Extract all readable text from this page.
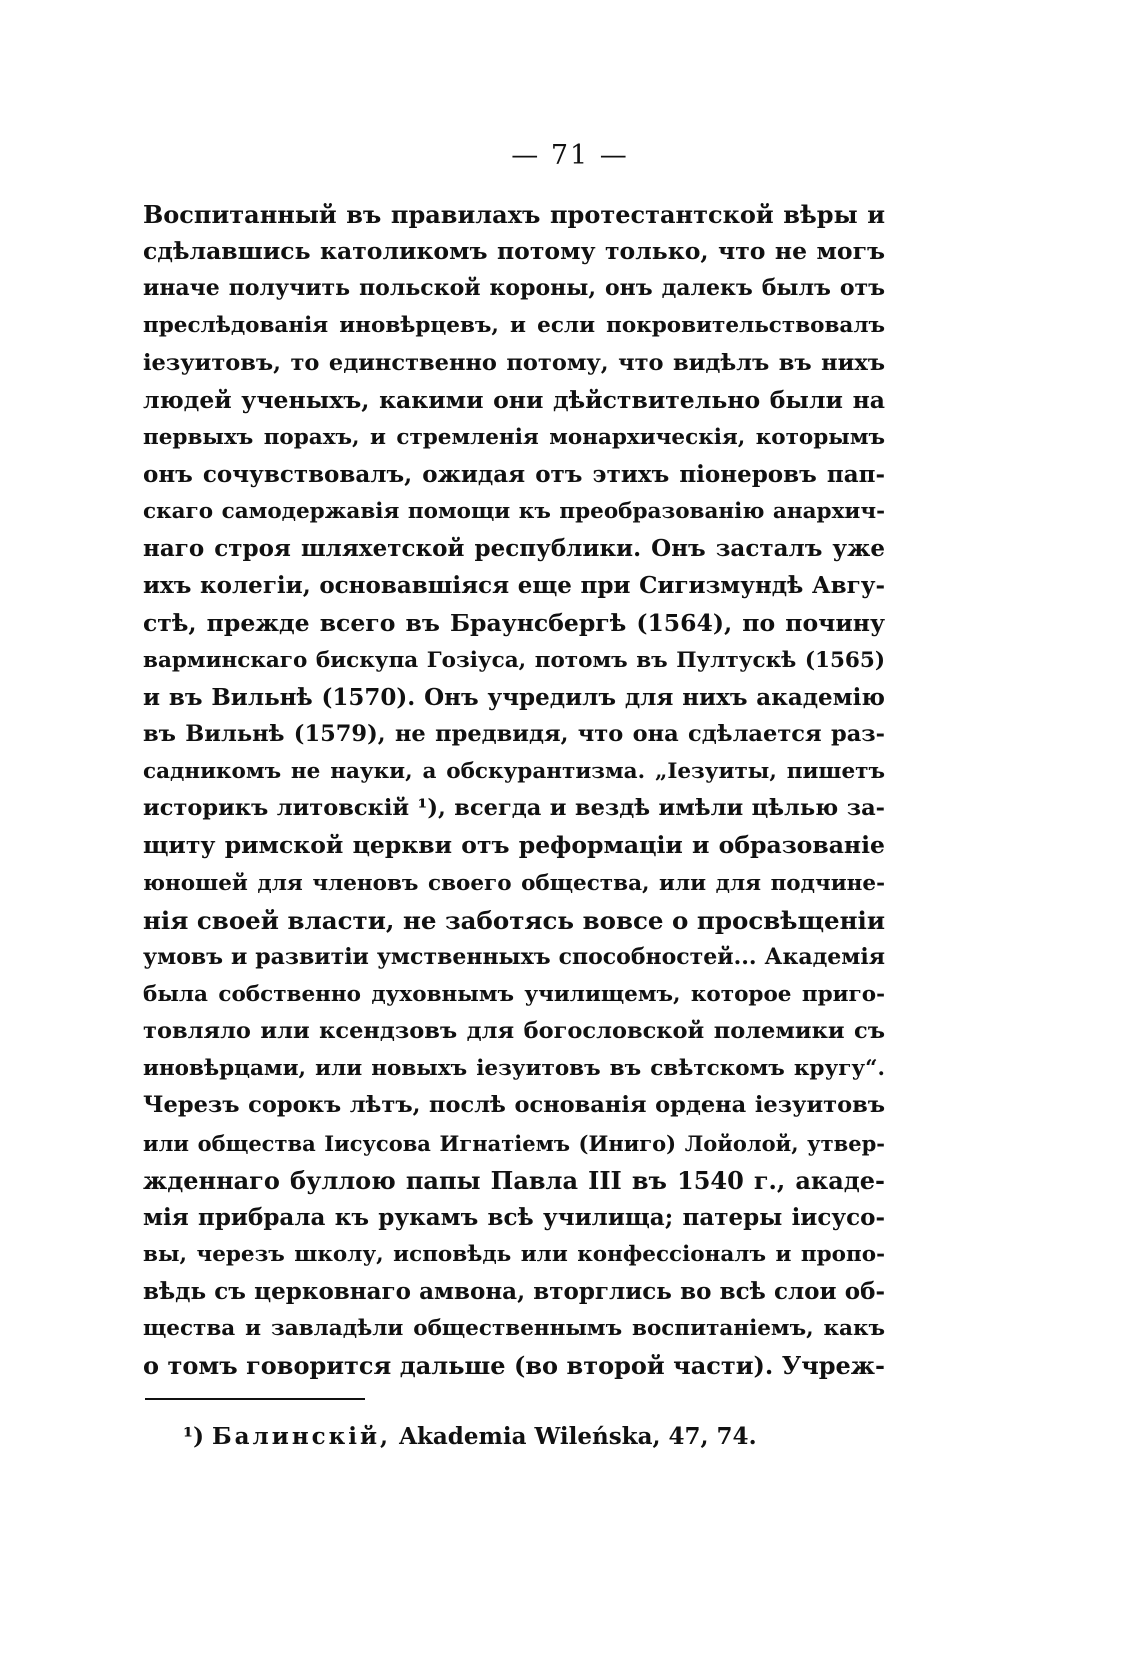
— 71 —
Воспитанный въ правилахъ протестантской вѣры и
сдѣлавшись католикомъ потому только, что не могъ
иначе получить польской короны, онъ далекъ былъ отъ
преслѣдованія иновѣрцевъ, и если покровительствовалъ
іезуитовъ, то единственно потому, что видѣлъ въ нихъ
людей ученыхъ, какими они дѣйствительно были на
первыхъ порахъ, и стремленія монархическія, которымъ
онъ сочувствовалъ, ожидая отъ этихъ піонеровъ пап-
скаго самодержавія помощи къ преобразованію анархич-
наго строя шляхетской республики. Онъ засталъ уже
ихъ колегіи, основавшіяся еще при Сигизмундѣ Авгу-
стѣ, прежде всего въ Браунсбергѣ (1564), по почину
варминскаго бискупа Гозіуса, потомъ въ Пултускѣ (1565)
и въ Вильнѣ (1570). Онъ учредилъ для нихъ академію
въ Вильнѣ (1579), не предвидя, что она сдѣлается раз-
садникомъ не науки, а обскурантизма. „Іезуиты, пишетъ
историкъ литовскій ¹), всегда и вездѣ имѣли цѣлью за-
щиту римской церкви отъ реформаціи и образованіе
юношей для членовъ своего общества, или для подчине-
нія своей власти, не заботясь вовсе о просвѣщеніи
умовъ и развитіи умственныхъ способностей... Академія
была собственно духовнымъ училищемъ, которое приго-
товляло или ксендзовъ для богословской полемики съ
иновѣрцами, или новыхъ іезуитовъ въ свѣтскомъ кругу“.
Черезъ сорокъ лѣтъ, послѣ основанія ордена іезуитовъ
или общества Іисусова Игнатіемъ (Иниго) Лойолой, утвер-
жденнаго буллою папы Павла III въ 1540 г., акаде-
мія прибрала къ рукамъ всѣ училища; патеры іисусо-
вы, черезъ школу, исповѣдь или конфессіоналъ и пропо-
вѣдь съ церковнаго амвона, вторглись во всѣ слои об-
щества и завладѣли общественнымъ воспитаніемъ, какъ
о томъ говорится дальше (во второй части). Учреж-
¹) Балинскій, Akademia Wileńska, 47, 74.
